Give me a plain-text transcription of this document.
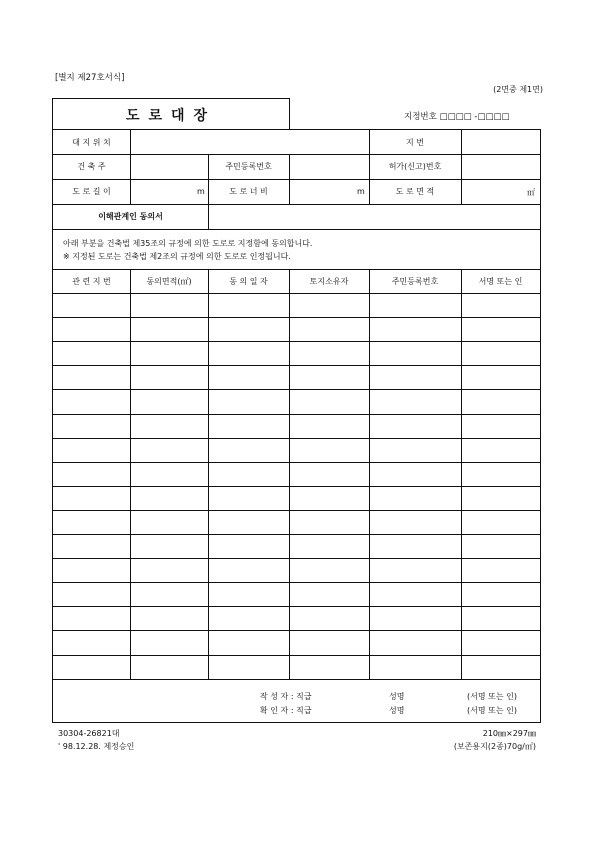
[별지 제27호서식]
(2면중 제1면)
도로대장	지정번호 □□□□ -□□□□
대 지 위 치	지 번
건 축 주	주민등록번호	허가(신고)번호
도 로 길 이	m	도 로 너 비	m	도 로 면 적	㎡
이해관계인 동의서
아래 부분을 건축법 제35조의 규정에 의한 도로로 지정함에 동의합니다.
※ 지정된 도로는 건축법 제2조의 규정에 의한 도로로 인정됩니다.
관 련 지 번	동의면적(㎡)	동 의 일 자	토지소유자	주민등록번호	서명 또는 인
작 성 자 : 직급	성명	(서명 또는 인)
확 인 자 : 직급	성명	(서명 또는 인)
30304-26821대
' 98.12.28. 제정승인
210㎜×297㎜
(보존용지(2종)70g/㎡)
